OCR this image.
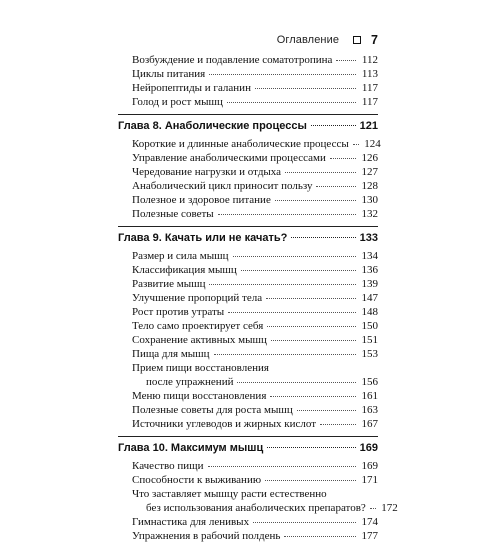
Оглавление	7
Возбуждение и подавление соматотропина	112
Циклы питания	113
Нейропептиды и галанин	117
Голод и рост мышц	117
Глава 8. Анаболические процессы	121
Короткие и длинные анаболические процессы 124
Управление анаболическими процессами	126
Чередование нагрузки и отдыха	127
Анаболический цикл приносит пользу	128
Полезное и здоровое питание	130
Полезные советы	132
Глава 9. Качать или не качать?	133
Размер и сила мышц	134
Классификация мышц	136
Развитие мышц	139
Улучшение пропорций тела	147
Рост против утраты	148
Тело само проектирует себя	150
Сохранение активных мышц	151
Пища для мышц	153
Прием пищи восстановления
после упражнений	156
Меню пищи восстановления	161
Полезные советы для роста мышц	163
Источники углеводов и жирных кислот	167
Глава 10. Максимум мышц	169
Качество пищи	169
Способности к выживанию	171
Что заставляет мышцу расти естественно
без использования анаболических препаратов? 172
Гимнастика для ленивых	174
Упражнения в рабочий полдень	177
